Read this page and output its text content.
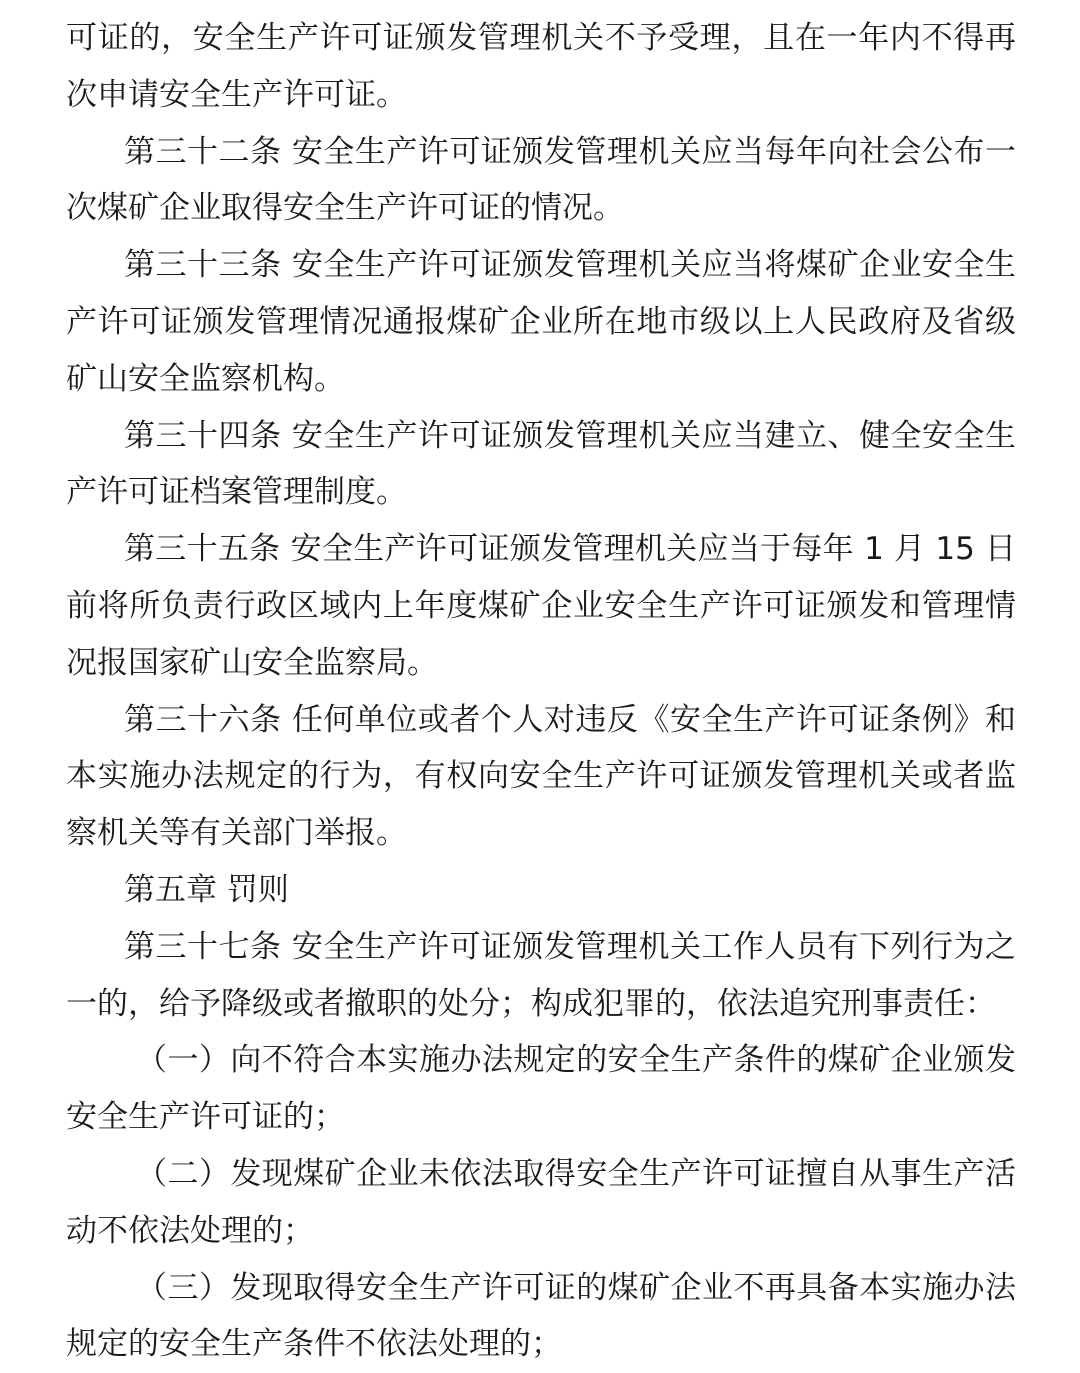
可证的，安全生产许可证颁发管理机关不予受理，且在一年内不得再次申请安全生产许可证。

第三十二条 安全生产许可证颁发管理机关应当每年向社会公布一次煤矿企业取得安全生产许可证的情况。

第三十三条 安全生产许可证颁发管理机关应当将煤矿企业安全生产许可证颁发管理情况通报煤矿企业所在地市级以上人民政府及省级矿山安全监察机构。

第三十四条 安全生产许可证颁发管理机关应当建立、健全安全生产许可证档案管理制度。

第三十五条 安全生产许可证颁发管理机关应当于每年 1 月 15 日前将所负责行政区域内上年度煤矿企业安全生产许可证颁发和管理情况报国家矿山安全监察局。

第三十六条 任何单位或者个人对违反《安全生产许可证条例》和本实施办法规定的行为，有权向安全生产许可证颁发管理机关或者监察机关等有关部门举报。

第五章 罚则

第三十七条 安全生产许可证颁发管理机关工作人员有下列行为之一的，给予降级或者撤职的处分；构成犯罪的，依法追究刑事责任：

（一）向不符合本实施办法规定的安全生产条件的煤矿企业颁发安全生产许可证的；

（二）发现煤矿企业未依法取得安全生产许可证擅自从事生产活动不依法处理的；

（三）发现取得安全生产许可证的煤矿企业不再具备本实施办法规定的安全生产条件不依法处理的；
